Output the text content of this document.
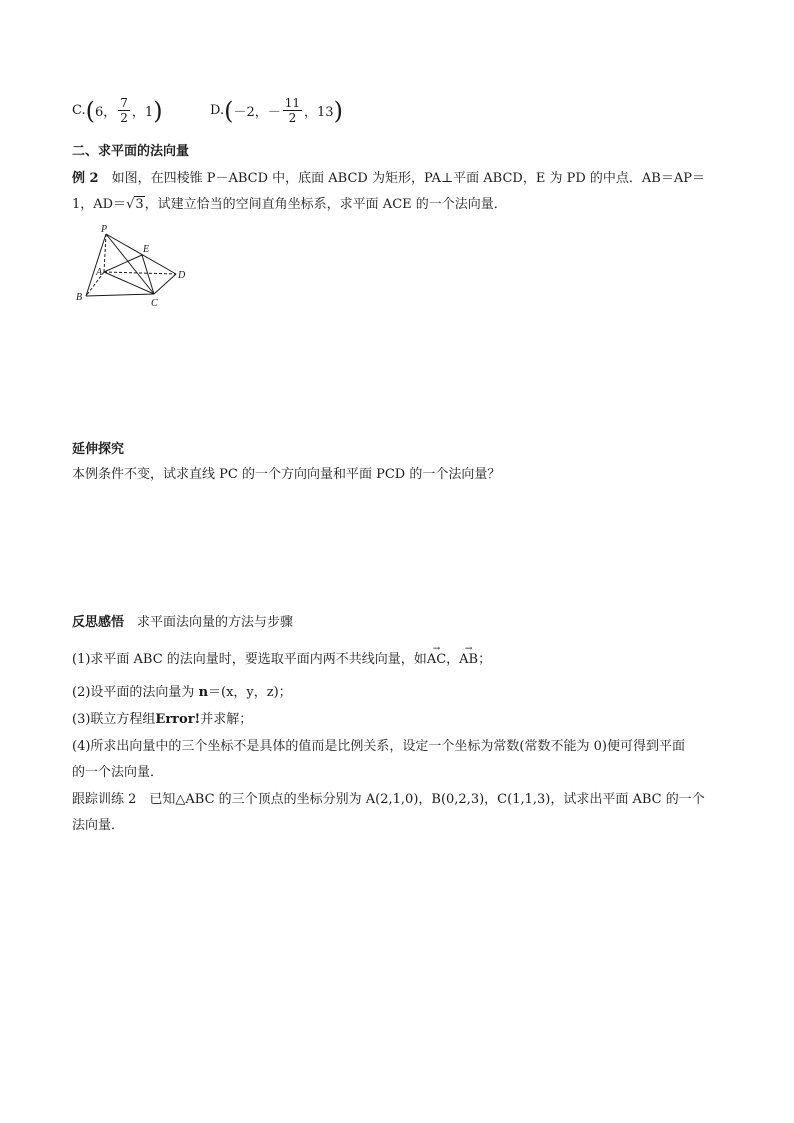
C. ( 6， $\frac{7}{2}$ ，1 )	D. ( －2，－ $\frac{11}{2}$ ，13 )
二、求平面的法向量
例 2　 如图，在四棱锥 P－ABCD 中，底面 ABCD 为矩形，PA⊥平面 ABCD，E 为 PD 的中点．AB＝AP＝
1，AD＝√3，试建立恰当的空间直角坐标系，求平面 ACE 的一个法向量．
P
E
A	D
B
C
延伸探究
本例条件不变，试求直线 PC 的一个方向向量和平面 PCD 的一个法向量？
反思感悟　 求平面法向量的方法与步骤
(1)求平面 ABC 的法向量时，要选取平面内两不共线向量，如→ AC，→ AB；
(2)设平面的法向量为 n＝(x，y，z)；
(3)联立方程组Error!并求解；
(4)所求出向量中的三个坐标不是具体的值而是比例关系，设定一个坐标为常数(常数不能为 0)便可得到平面
的一个法向量．
跟踪训练 2　已知△ABC 的三个顶点的坐标分别为 A(2,1,0)，B(0,2,3)，C(1,1,3)，试求出平面 ABC 的一个
法向量．
